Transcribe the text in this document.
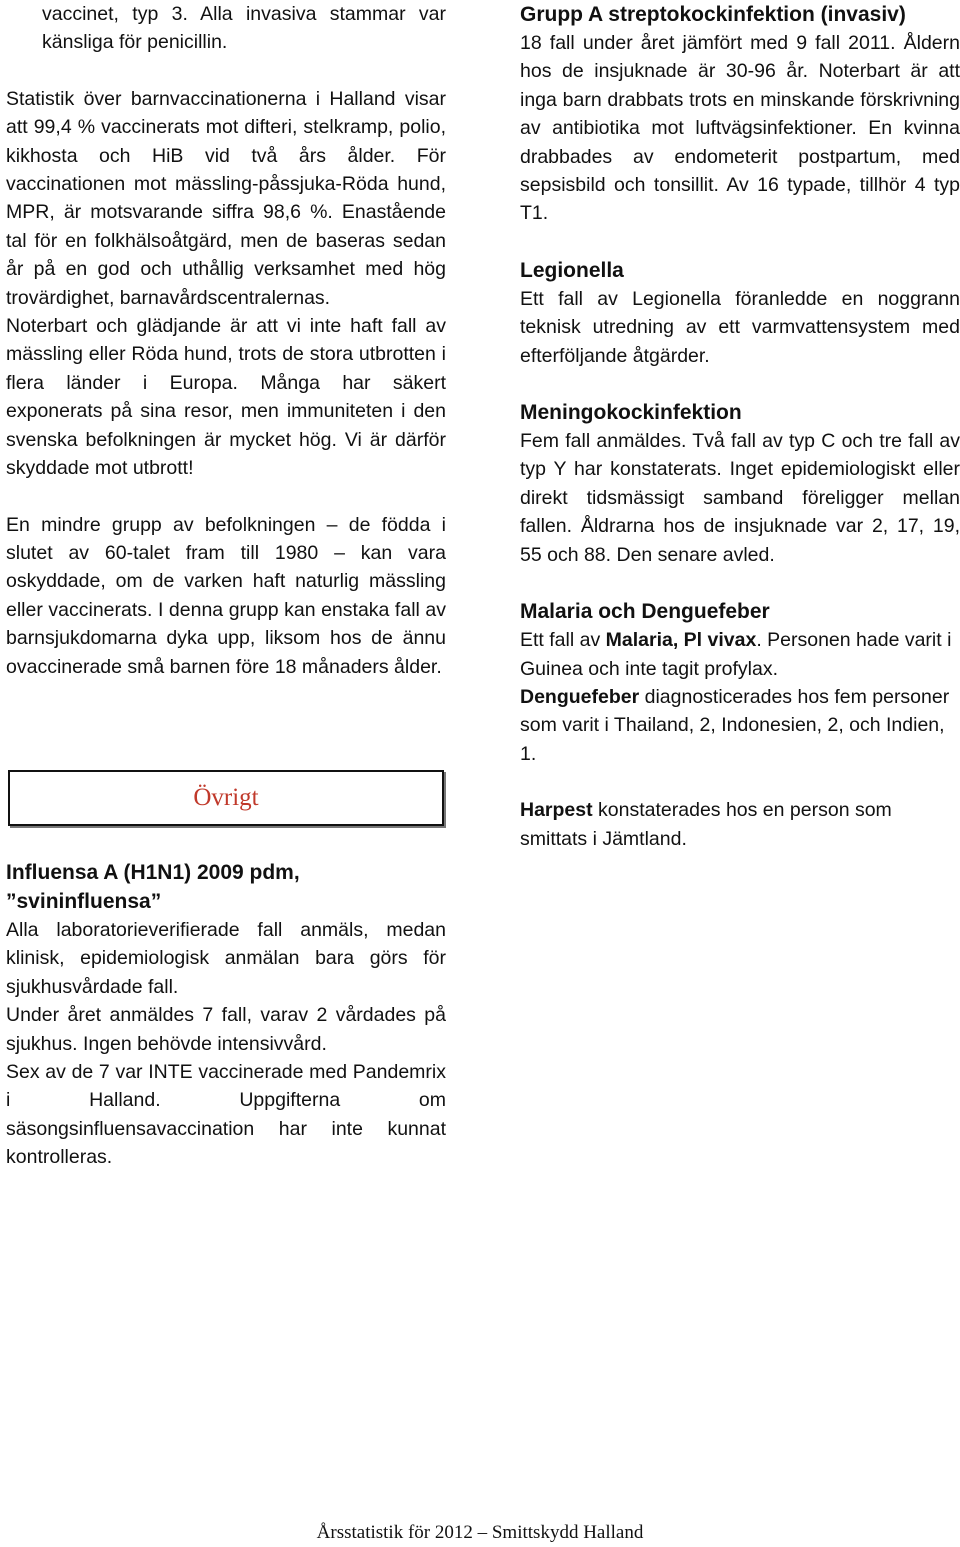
vaccinet, typ 3. Alla invasiva stammar var känsliga för penicillin.

Statistik över barnvaccinationerna i Halland visar att 99,4 % vaccinerats mot difteri, stelkramp, polio, kikhosta och HiB vid två års ålder. För vaccinationen mot mässling-påssjuka-Röda hund, MPR, är motsvarande siffra 98,6 %. Enastående tal för en folkhälsoåtgärd, men de baseras sedan år på en god och uthållig verksamhet med hög trovärdighet, barnavårdscentralernas.

Noterbart och glädjande är att vi inte haft fall av mässling eller Röda hund, trots de stora utbrotten i flera länder i Europa. Många har säkert exponerats på sina resor, men immuniteten i den svenska befolkningen är mycket hög. Vi är därför skyddade mot utbrott!

En mindre grupp av befolkningen – de födda i slutet av 60-talet fram till 1980 – kan vara oskyddade, om de varken haft naturlig mässling eller vaccinerats. I denna grupp kan enstaka fall av barnsjukdomarna dyka upp, liksom hos de ännu ovaccinerade små barnen före 18 månaders ålder.

Övrigt
Influensa A (H1N1) 2009 pdm, ”svininfluensa”

Alla laboratorieverifierade fall anmäls, medan klinisk, epidemiologisk anmälan bara görs för sjukhusvårdade fall.

Under året anmäldes 7 fall, varav 2 vårdades på sjukhus. Ingen behövde intensivvård.

Sex av de 7 var INTE vaccinerade med Pandemrix i Halland. Uppgifterna om säsongsinfluensavaccination har inte kunnat kontrolleras.

Grupp A streptokockinfektion (invasiv)

18 fall under året jämfört med 9 fall 2011. Åldern hos de insjuknade är 30-96 år. Noterbart är att inga barn drabbats trots en minskande förskrivning av antibiotika mot luftvägsinfektioner. En kvinna drabbades av endometerit postpartum, med sepsisbild och tonsillit. Av 16 typade, tillhör 4 typ T1.

Legionella

Ett fall av Legionella föranledde en noggrann teknisk utredning av ett varmvattensystem med efterföljande åtgärder.

Meningokockinfektion

Fem fall anmäldes. Två fall av typ C och tre fall av typ Y har konstaterats. Inget epidemiologiskt eller direkt tidsmässigt samband föreligger mellan fallen. Åldrarna hos de insjuknade var 2, 17, 19, 55 och 88. Den senare avled.

Malaria och Denguefeber

Ett fall av Malaria, Pl vivax. Personen hade varit i Guinea och inte tagit profylax.

Denguefeber diagnosticerades hos fem personer som varit i Thailand, 2, Indonesien, 2, och Indien, 1.

Harpest konstaterades hos en person som smittats i Jämtland.

Årsstatistik för 2012 – Smittskydd Halland
